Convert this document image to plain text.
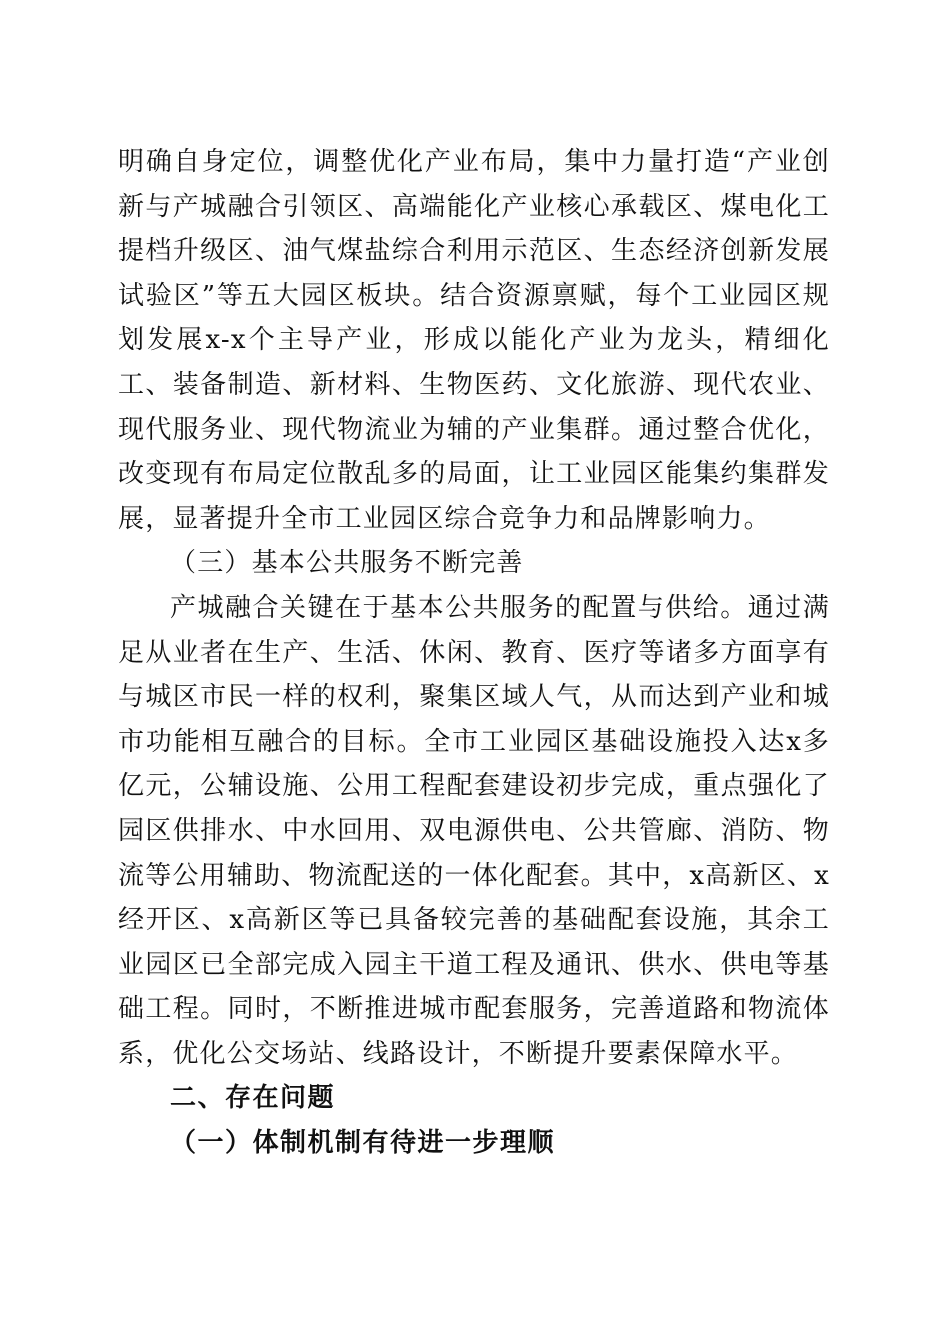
明确自身定位，调整优化产业布局，集中力量打造“产业创新与产城融合引领区、高端能化产业核心承载区、煤电化工提档升级区、油气煤盐综合利用示范区、生态经济创新发展试验区”等五大园区板块。结合资源禀赋，每个工业园区规划发展x-x个主导产业，形成以能化产业为龙头，精细化工、装备制造、新材料、生物医药、文化旅游、现代农业、现代服务业、现代物流业为辅的产业集群。通过整合优化，改变现有布局定位散乱多的局面，让工业园区能集约集群发展，显著提升全市工业园区综合竞争力和品牌影响力。

（三）基本公共服务不断完善

产城融合关键在于基本公共服务的配置与供给。通过满足从业者在生产、生活、休闲、教育、医疗等诸多方面享有与城区市民一样的权利，聚集区域人气，从而达到产业和城市功能相互融合的目标。全市工业园区基础设施投入达x多亿元，公辅设施、公用工程配套建设初步完成，重点强化了园区供排水、中水回用、双电源供电、公共管廊、消防、物流等公用辅助、物流配送的一体化配套。其中，x高新区、x经开区、x高新区等已具备较完善的基础配套设施，其余工业园区已全部完成入园主干道工程及通讯、供水、供电等基础工程。同时，不断推进城市配套服务，完善道路和物流体系，优化公交场站、线路设计，不断提升要素保障水平。

二、存在问题

（一）体制机制有待进一步理顺
